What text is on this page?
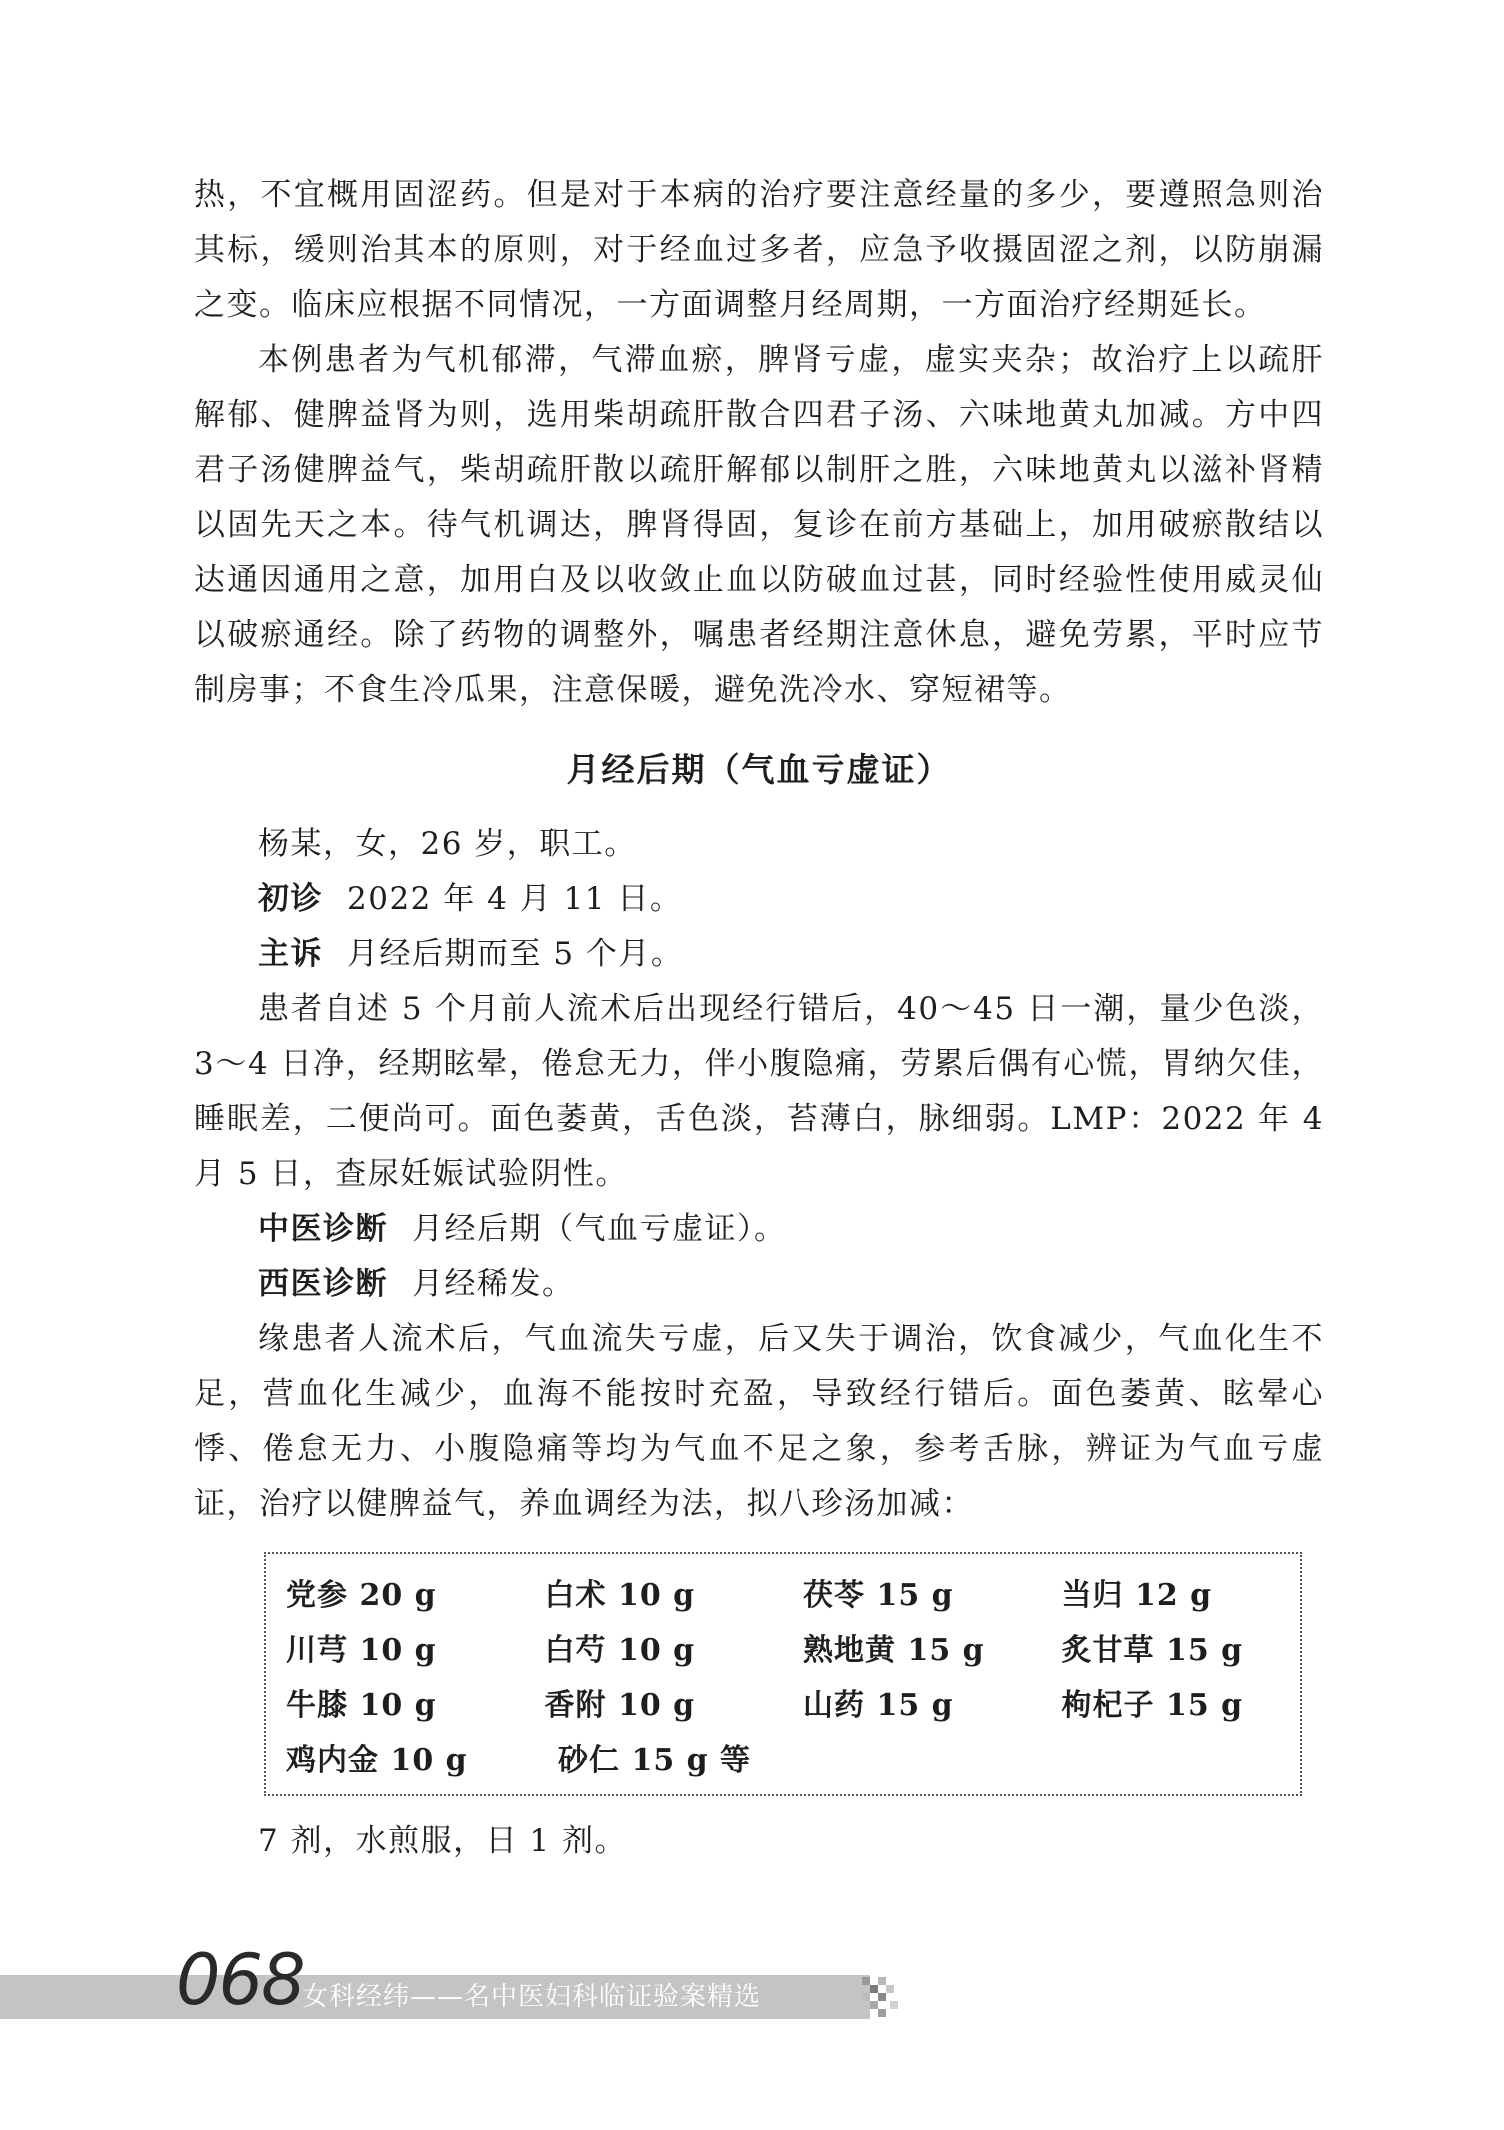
热，不宜概用固涩药。但是对于本病的治疗要注意经量的多少，要遵照急则治其标，缓则治其本的原则，对于经血过多者，应急予收摄固涩之剂，以防崩漏之变。临床应根据不同情况，一方面调整月经周期，一方面治疗经期延长。

本例患者为气机郁滞，气滞血瘀，脾肾亏虚，虚实夹杂；故治疗上以疏肝解郁、健脾益肾为则，选用柴胡疏肝散合四君子汤、六味地黄丸加减。方中四君子汤健脾益气，柴胡疏肝散以疏肝解郁以制肝之胜，六味地黄丸以滋补肾精以固先天之本。待气机调达，脾肾得固，复诊在前方基础上，加用破瘀散结以达通因通用之意，加用白及以收敛止血以防破血过甚，同时经验性使用威灵仙以破瘀通经。除了药物的调整外，嘱患者经期注意休息，避免劳累，平时应节制房事；不食生冷瓜果，注意保暖，避免洗冷水、穿短裙等。

月经后期（气血亏虚证）

杨某，女，26 岁，职工。

初诊 2022 年 4 月 11 日。

主诉 月经后期而至 5 个月。

患者自述 5 个月前人流术后出现经行错后，40～45 日一潮，量少色淡，3～4 日净，经期眩晕，倦怠无力，伴小腹隐痛，劳累后偶有心慌，胃纳欠佳，睡眠差，二便尚可。面色萎黄，舌色淡，苔薄白，脉细弱。LMP：2022 年 4 月 5 日，查尿妊娠试验阴性。

中医诊断 月经后期（气血亏虚证）。

西医诊断 月经稀发。

缘患者人流术后，气血流失亏虚，后又失于调治，饮食减少，气血化生不足，营血化生减少，血海不能按时充盈，导致经行错后。面色萎黄、眩晕心悸、倦怠无力、小腹隐痛等均为气血不足之象，参考舌脉，辨证为气血亏虚证，治疗以健脾益气，养血调经为法，拟八珍汤加减：

党参 20 g	白术 10 g	茯苓 15 g	当归 12 g
川芎 10 g	白芍 10 g	熟地黄 15 g	炙甘草 15 g
牛膝 10 g	香附 10 g	山药 15 g	枸杞子 15 g
鸡内金 10 g	砂仁 15 g 等

7 剂，水煎服，日 1 剂。

068
女科经纬——名中医妇科临证验案精选
